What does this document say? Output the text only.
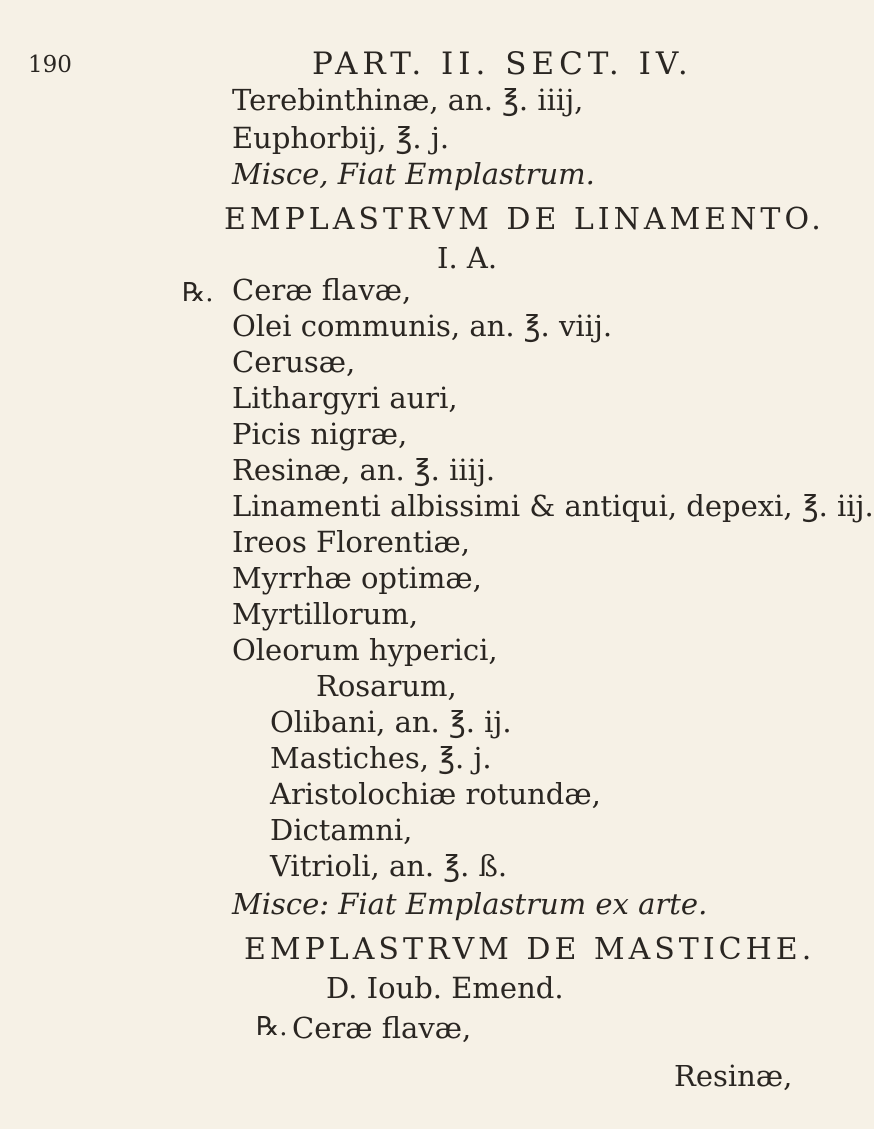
190	PART. II. SECT. IV.
Terebinthinæ, an. ℥. iiij,
Euphorbij, ℥. j.
Misce, Fiat Emplastrum.
EMPLASTRVM DE LINAMENTO.
I. A.
℞. Ceræ flavæ,
Olei communis, an. ℥. viij.
Cerusæ,
Lithargyri auri,
Picis nigræ,
Resinæ, an. ℥. iiij.
Linamenti albissimi & antiqui, depexi, ℥. iij.
Ireos Florentiæ,
Myrrhæ optimæ,
Myrtillorum,
Oleorum hyperici,
Rosarum,
Olibani, an. ℥. ij.
Mastiches, ℥. j.
Aristolochiæ rotundæ,
Dictamni,
Vitrioli, an. ℥. ß.
Misce: Fiat Emplastrum ex arte.
EMPLASTRVM DE MASTICHE.
D. Ioub. Emend.
℞. Ceræ flavæ,
Resinæ,
